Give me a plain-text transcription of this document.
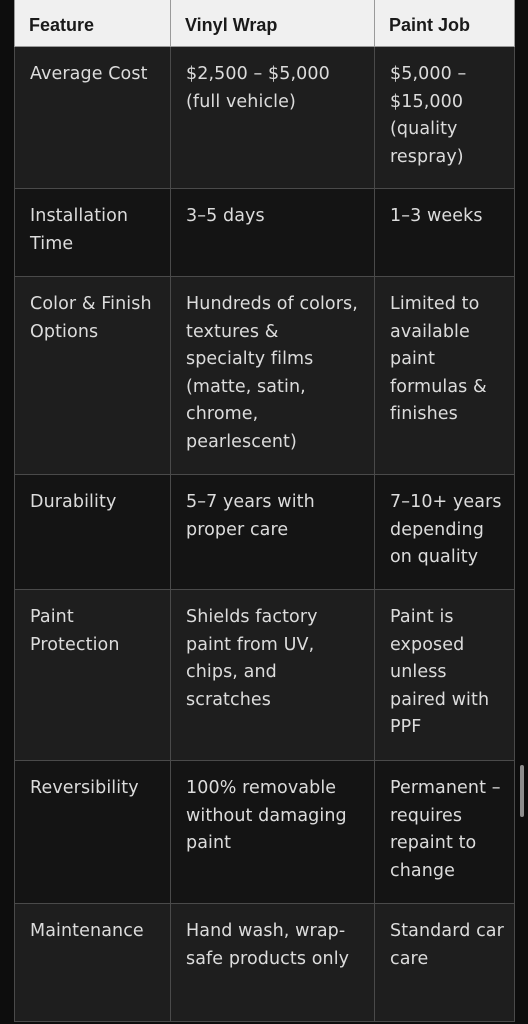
Feature	Vinyl Wrap	Paint Job
Average Cost	$2,500 – $5,000 (full vehicle)	$5,000 – $15,000 (quality respray)
Installation Time	3–5 days	1–3 weeks
Color & Finish Options	Hundreds of colors, textures & specialty films (matte, satin, chrome, pearlescent)	Limited to available paint formulas & finishes
Durability	5–7 years with proper care	7–10+ years depending on quality
Paint Protection	Shields factory paint from UV, chips, and scratches	Paint is exposed unless paired with PPF
Reversibility	100% removable without damaging paint	Permanent – requires repaint to change
Maintenance	Hand wash, wrap-safe products only	Standard car care
